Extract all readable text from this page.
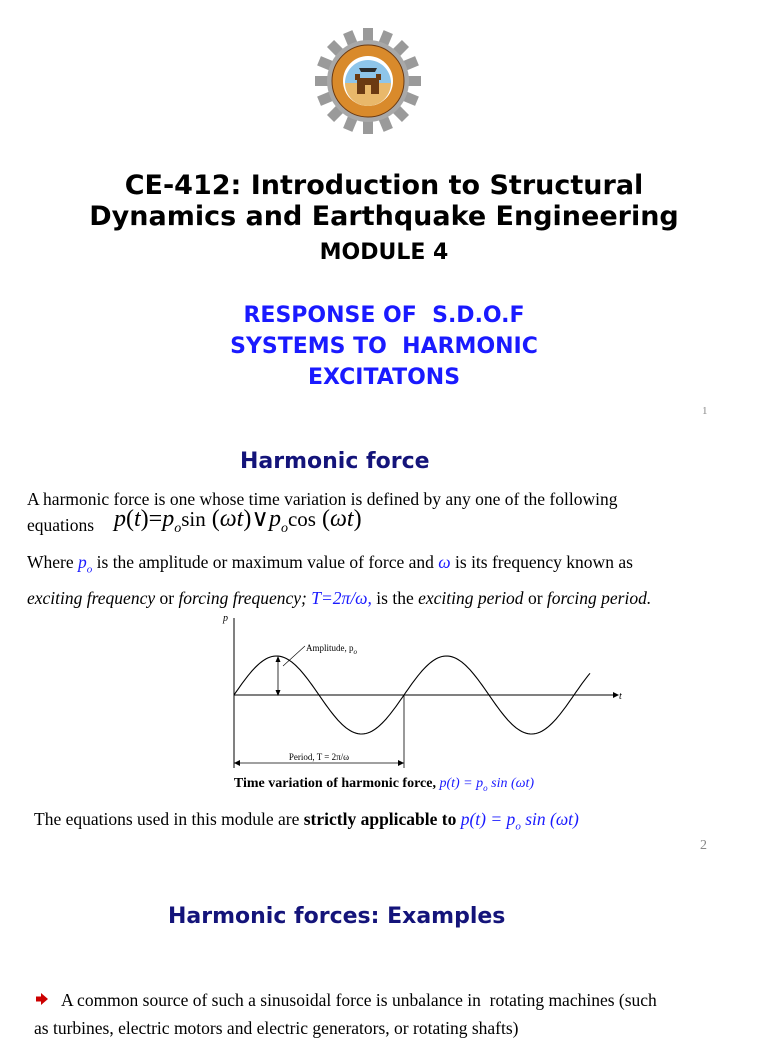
CE-412: Introduction to Structural
Dynamics and Earthquake Engineering
MODULE 4
RESPONSE OF  S.D.O.F
SYSTEMS TO  HARMONIC
EXCITATONS
1
Harmonic force
A harmonic force is one whose time variation is defined by any one of the following
equations $p(t)=p_o\sin$ $(\omega t)\vee p_o\cos$ (ωt)
Where $p_o$ is the amplitude or maximum value of force and ω is its frequency known as
exciting frequency or forcing frequency; T=2π/ω, is the exciting period or forcing period.
p
t
Amplitude, $p_o$
Period, T = 2π/ω
Time variation of harmonic force, $p(t) = p_o$ sin (ωt)
The equations used in this module are strictly applicable to $p(t) = p_o$ sin (ωt)
2
Harmonic forces: Examples
A common source of such a sinusoidal force is unbalance in  rotating machines (such
as turbines, electric motors and electric generators, or rotating shafts)
